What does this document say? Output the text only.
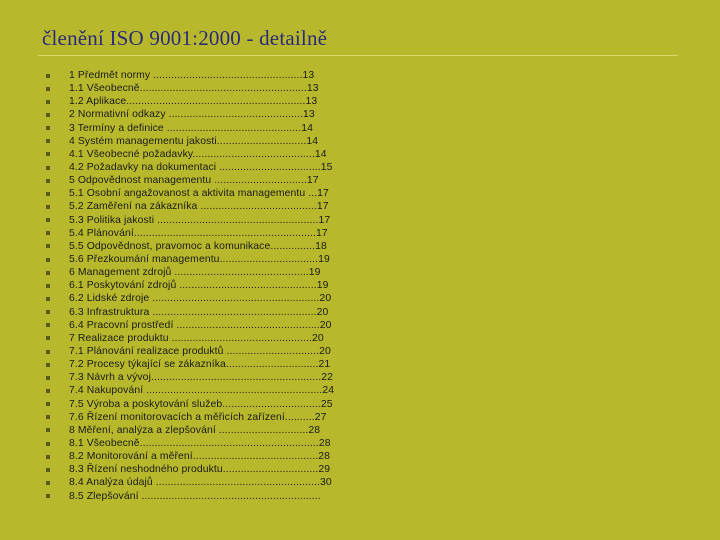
členění ISO 9001:2000 - detailně
1 Předmět normy ..................................................13
1.1 Všeobecně........................................................13
1.2 Aplikace............................................................13
2 Normativní odkazy .............................................13
3 Termíny a definice .............................................14
4 Systém managementu jakosti..............................14
4.1 Všeobecné požadavky.........................................14
4.2 Požadavky na dokumentaci ..................................15
5 Odpovědnost managementu ...............................17
5.1 Osobní angažovanost a aktivita managementu ...17
5.2 Zaměření na zákazníka .......................................17
5.3 Politika jakosti ......................................................17
5.4 Plánování.............................................................17
5.5 Odpovědnost, pravomoc a komunikace...............18
5.6 Přezkoumání managementu.................................19
6 Management zdrojů .............................................19
6.1 Poskytování zdrojů ..............................................19
6.2 Lidské zdroje ........................................................20
6.3 Infrastruktura .......................................................20
6.4 Pracovní prostředí ................................................20
7 Realizace produktu ...............................................20
7.1 Plánování realizace produktů ...............................20
7.2 Procesy týkající se zákazníka...............................21
7.3 Návrh a vývoj.........................................................22
7.4 Nakupování ...........................................................24
7.5 Výroba a poskytování služeb.................................25
7.6 Řízení monitorovacích a měřicích zařízení..........27
8 Měření, analýza a zlepšování ..............................28
8.1 Všeobecně............................................................28
8.2 Monitorování a měření..........................................28
8.3 Řízení neshodného produktu................................29
8.4 Analýza údajů .......................................................30
8.5 Zlepšování ............................................................
